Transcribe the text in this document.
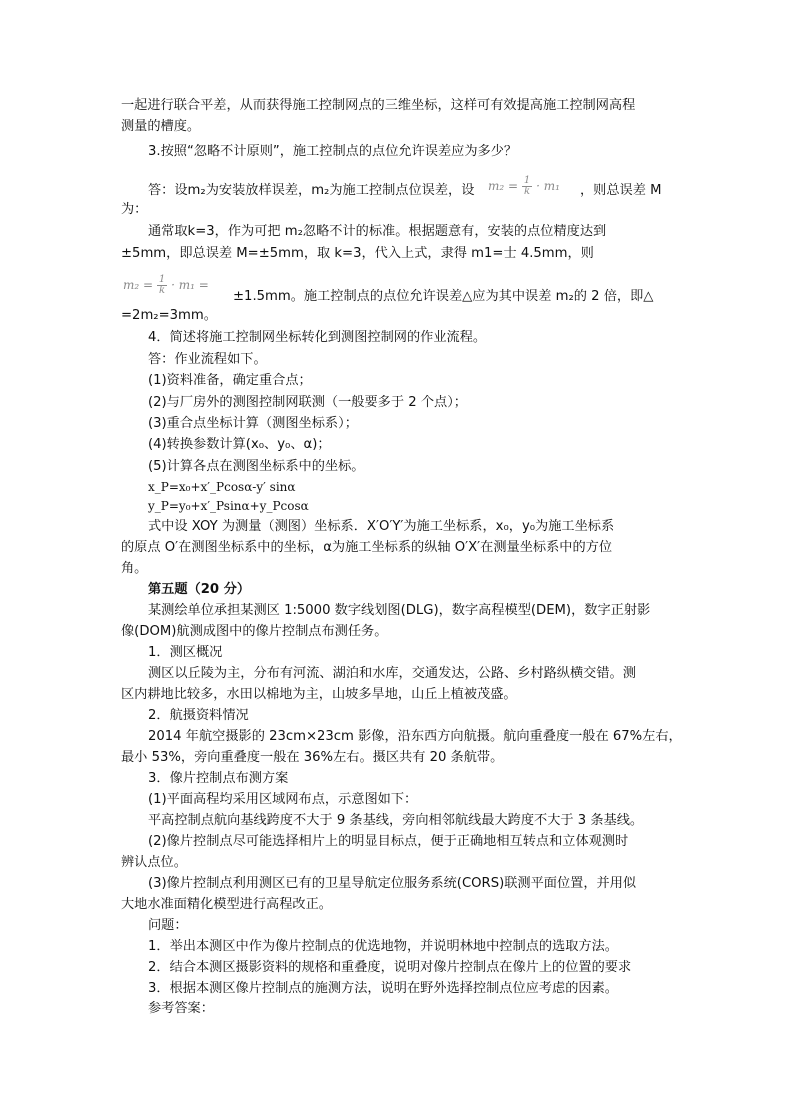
一起进行联合平差，从而获得施工控制网点的三维坐标，这样可有效提高施工控制网高程
测量的槽度。
3.按照“忽略不计原则”，施工控制点的点位允许误差应为多少？
答：设m₂为安装放样误差，m₂为施工控制点位误差，设 $m_2 = \frac{1}{k} \cdot m_1$	，则总误差 M
为：
通常取k=3，作为可把 m₂忽略不计的标准。根据题意有，安装的点位精度达到
±5mm，即总误差 M=±5mm，取 k=3，代入上式，隶得 m1=士 4.5mm，则
$m_2 = \frac{1}{k} \cdot m_1$ =
±1.5mm。施工控制点的点位允许误差△应为其中误差 m₂的 2 倍，即△
=2m₂=3mm。
4．简述将施工控制网坐标转化到测图控制网的作业流程。
答：作业流程如下。
(1)资料准备，确定重合点；
(2)与厂房外的测图控制网联测（一般要多于 2 个点）；
(3)重合点坐标计算（测图坐标系）；
(4)转换参数计算(x₀、y₀、α)；
(5)计算各点在测图坐标系中的坐标。
x_P=x₀+x′_Pcosα-y′ sinα
y_P=y₀+x′_Psinα+y_Pcosα
式中设 XOY 为测量（测图）坐标系．X′O′Y′为施工坐标系，x₀，y₀为施工坐标系
的原点 O′在测图坐标系中的坐标，α为施工坐标系的纵轴 O′X′在测量坐标系中的方位
角。
第五题（20 分）
某测绘单位承担某测区 1:5000 数字线划图(DLG)，数字高程模型(DEM)，数字正射影
像(DOM)航测成图中的像片控制点布测任务。
1．测区概况
测区以丘陵为主，分布有河流、湖泊和水库，交通发达，公路、乡村路纵横交错。测
区内耕地比较多，水田以棉地为主，山坡多旱地，山丘上植被茂盛。
2．航摄资料情况
2014 年航空摄影的 23cm×23cm 影像，沿东西方向航摄。航向重叠度一般在 67%左右，
最小 53%，旁向重叠度一般在 36%左右。摄区共有 20 条航带。
3．像片控制点布测方案
(1)平面高程均采用区域网布点，示意图如下：
平高控制点航向基线跨度不大于 9 条基线，旁向相邻航线最大跨度不大于 3 条基线。
(2)像片控制点尽可能选择相片上的明显目标点，便于正确地相互转点和立体观测时
辨认点位。
(3)像片控制点利用测区已有的卫星导航定位服务系统(CORS)联测平面位置，并用似
大地水准面精化模型进行高程改正。
问题：
1．举出本测区中作为像片控制点的优选地物，并说明林地中控制点的选取方法。
2．结合本测区摄影资料的规格和重叠度，说明对像片控制点在像片上的位置的要求
3．根据本测区像片控制点的施测方法，说明在野外选择控制点位应考虑的因素。
参考答案：
